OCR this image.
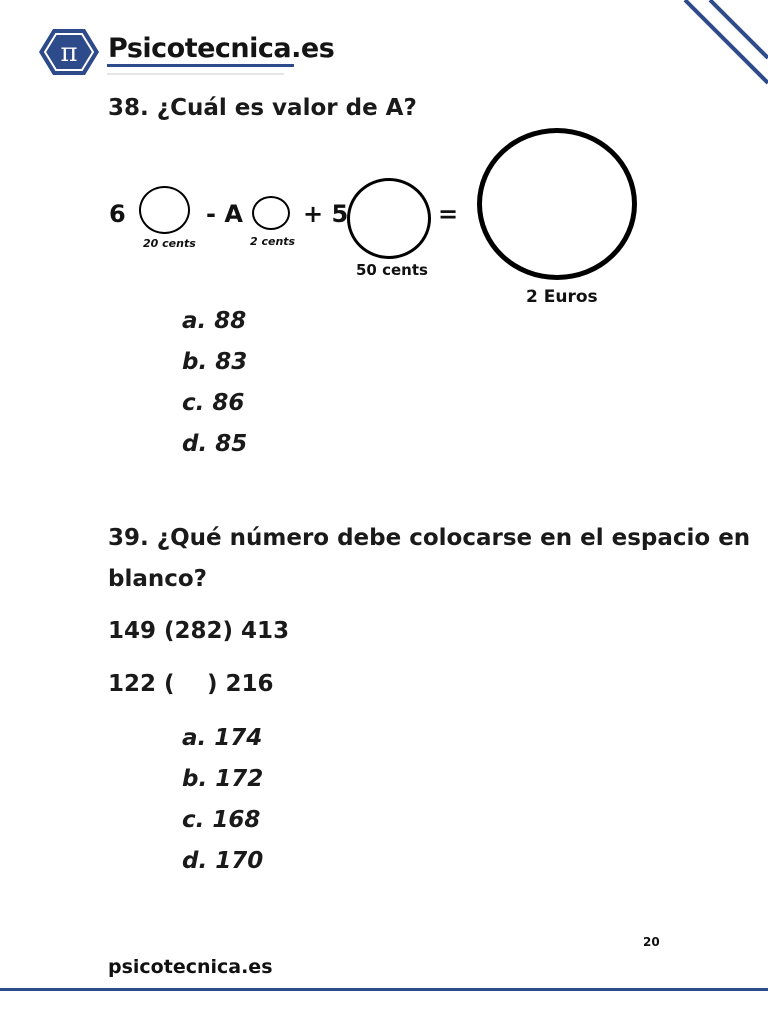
π Psicotecnica.es
38. ¿Cuál es valor de A?
6
20 cents
- A
2 cents
+ 5
50 cents
=
2 Euros
a. 88
b. 83
c. 86
d. 85
39. ¿Qué número debe colocarse en el espacio en
blanco?
149 (282) 413
122 ( ) 216
a. 174
b. 172
c. 168
d. 170
20
psicotecnica.es
